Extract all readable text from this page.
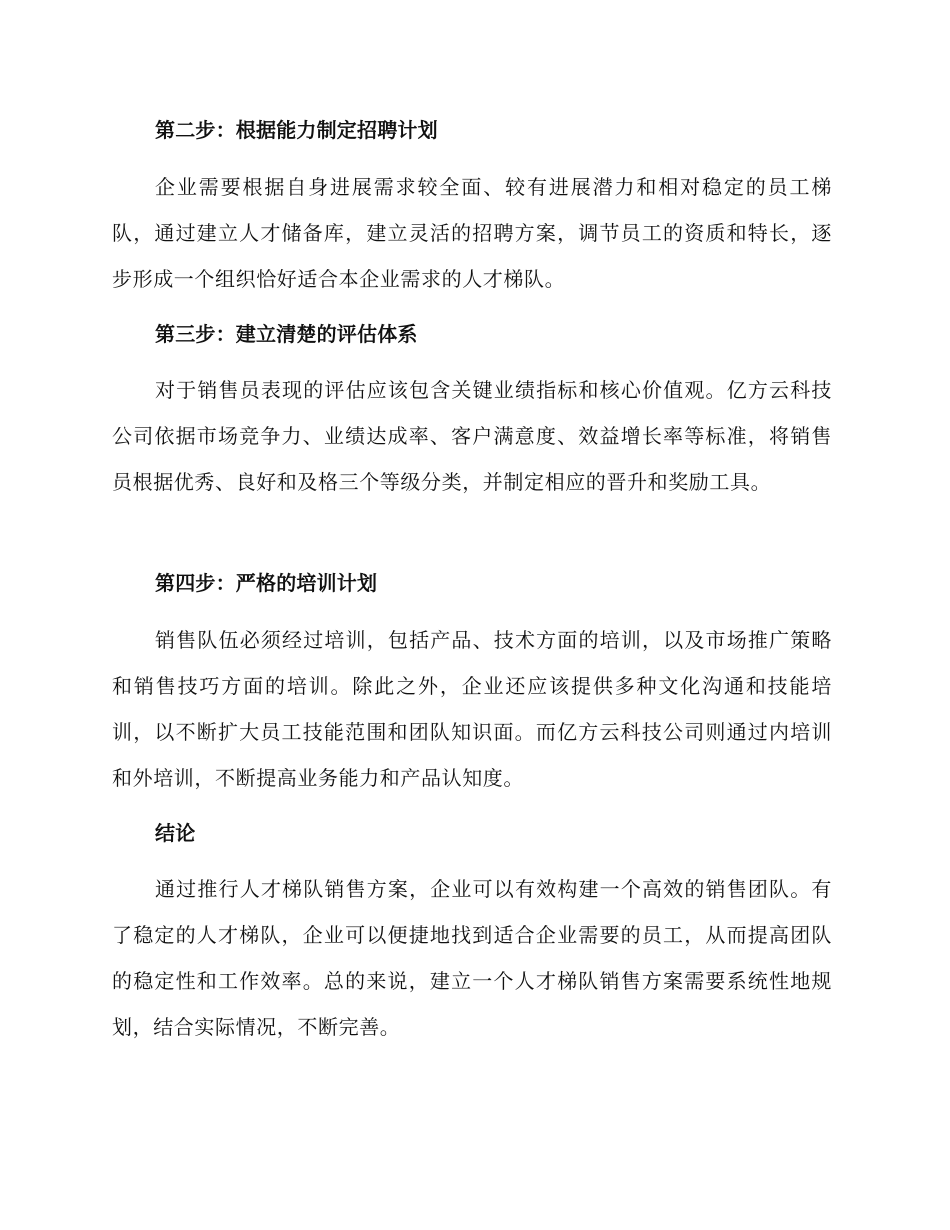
第二步：根据能力制定招聘计划

企业需要根据自身进展需求较全面、较有进展潜力和相对稳定的员工梯队，通过建立人才储备库，建立灵活的招聘方案，调节员工的资质和特长，逐步形成一个组织恰好适合本企业需求的人才梯队。

第三步：建立清楚的评估体系

对于销售员表现的评估应该包含关键业绩指标和核心价值观。亿方云科技公司依据市场竞争力、业绩达成率、客户满意度、效益增长率等标准，将销售员根据优秀、良好和及格三个等级分类，并制定相应的晋升和奖励工具。

第四步：严格的培训计划

销售队伍必须经过培训，包括产品、技术方面的培训，以及市场推广策略和销售技巧方面的培训。除此之外，企业还应该提供多种文化沟通和技能培训，以不断扩大员工技能范围和团队知识面。而亿方云科技公司则通过内培训和外培训，不断提高业务能力和产品认知度。

结论

通过推行人才梯队销售方案，企业可以有效构建一个高效的销售团队。有了稳定的人才梯队，企业可以便捷地找到适合企业需要的员工，从而提高团队的稳定性和工作效率。总的来说，建立一个人才梯队销售方案需要系统性地规划，结合实际情况，不断完善。
